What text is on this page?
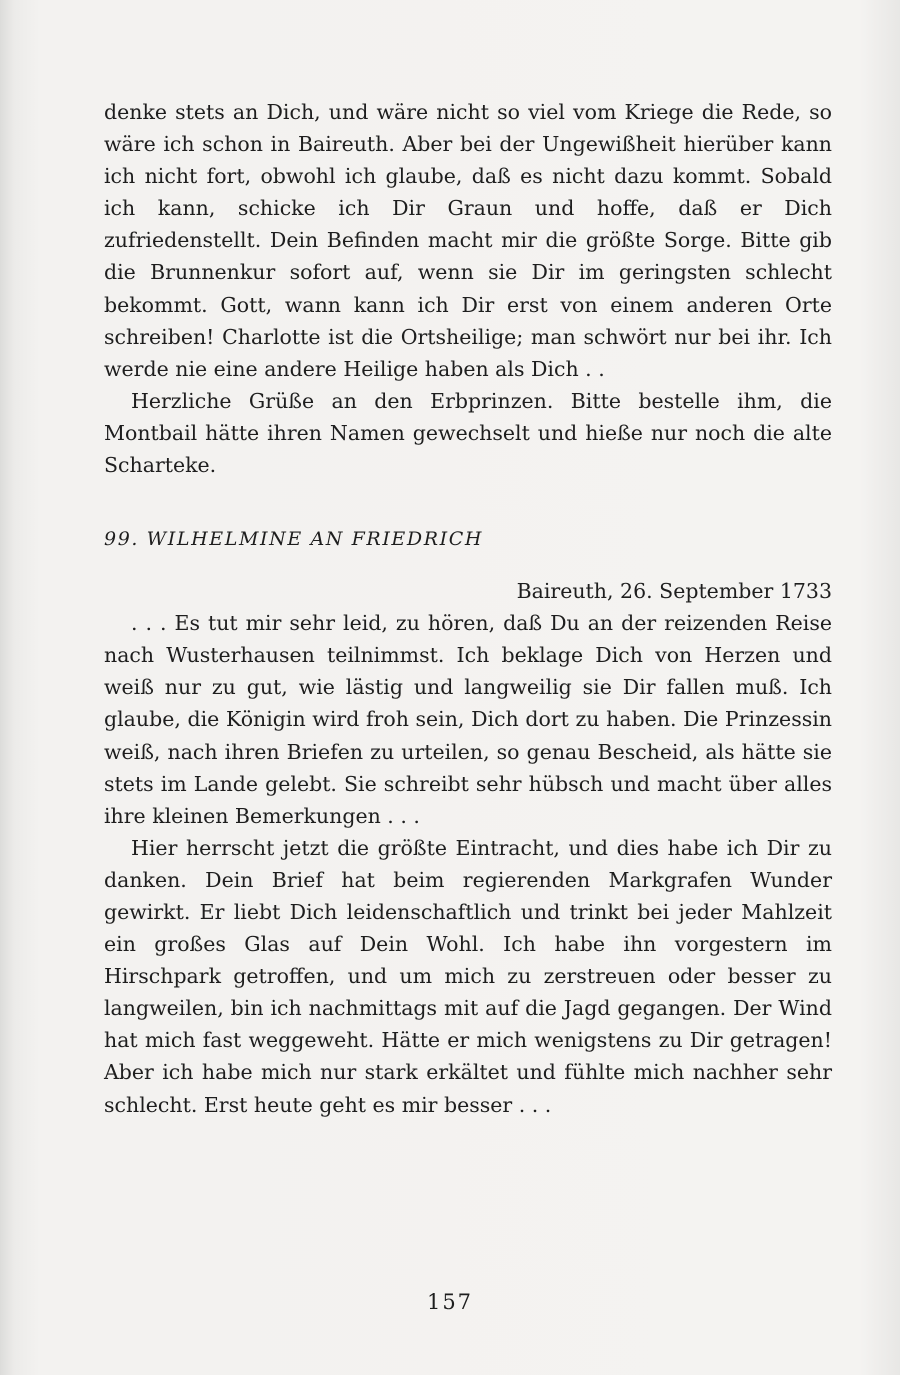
denke stets an Dich, und wäre nicht so viel vom Kriege die Rede, so wäre ich schon in Baireuth. Aber bei der Ungewißheit hierüber kann ich nicht fort, obwohl ich glaube, daß es nicht dazu kommt. Sobald ich kann, schicke ich Dir Graun und hoffe, daß er Dich zufriedenstellt. Dein Befinden macht mir die größte Sorge. Bitte gib die Brunnenkur sofort auf, wenn sie Dir im geringsten schlecht bekommt. Gott, wann kann ich Dir erst von einem anderen Orte schreiben! Charlotte ist die Ortsheilige; man schwört nur bei ihr. Ich werde nie eine andere Heilige haben als Dich . .

Herzliche Grüße an den Erbprinzen. Bitte bestelle ihm, die Montbail hätte ihren Namen gewechselt und hieße nur noch die alte Scharteke.

99. WILHELMINE AN FRIEDRICH

Baireuth, 26. September 1733

. . . Es tut mir sehr leid, zu hören, daß Du an der reizenden Reise nach Wusterhausen teilnimmst. Ich beklage Dich von Herzen und weiß nur zu gut, wie lästig und langweilig sie Dir fallen muß. Ich glaube, die Königin wird froh sein, Dich dort zu haben. Die Prinzessin weiß, nach ihren Briefen zu urteilen, so genau Bescheid, als hätte sie stets im Lande gelebt. Sie schreibt sehr hübsch und macht über alles ihre kleinen Bemerkungen . . .

Hier herrscht jetzt die größte Eintracht, und dies habe ich Dir zu danken. Dein Brief hat beim regierenden Markgrafen Wunder gewirkt. Er liebt Dich leidenschaftlich und trinkt bei jeder Mahlzeit ein großes Glas auf Dein Wohl. Ich habe ihn vorgestern im Hirschpark getroffen, und um mich zu zerstreuen oder besser zu langweilen, bin ich nachmittags mit auf die Jagd gegangen. Der Wind hat mich fast weggeweht. Hätte er mich wenigstens zu Dir getragen! Aber ich habe mich nur stark erkältet und fühlte mich nachher sehr schlecht. Erst heute geht es mir besser . . .

157
